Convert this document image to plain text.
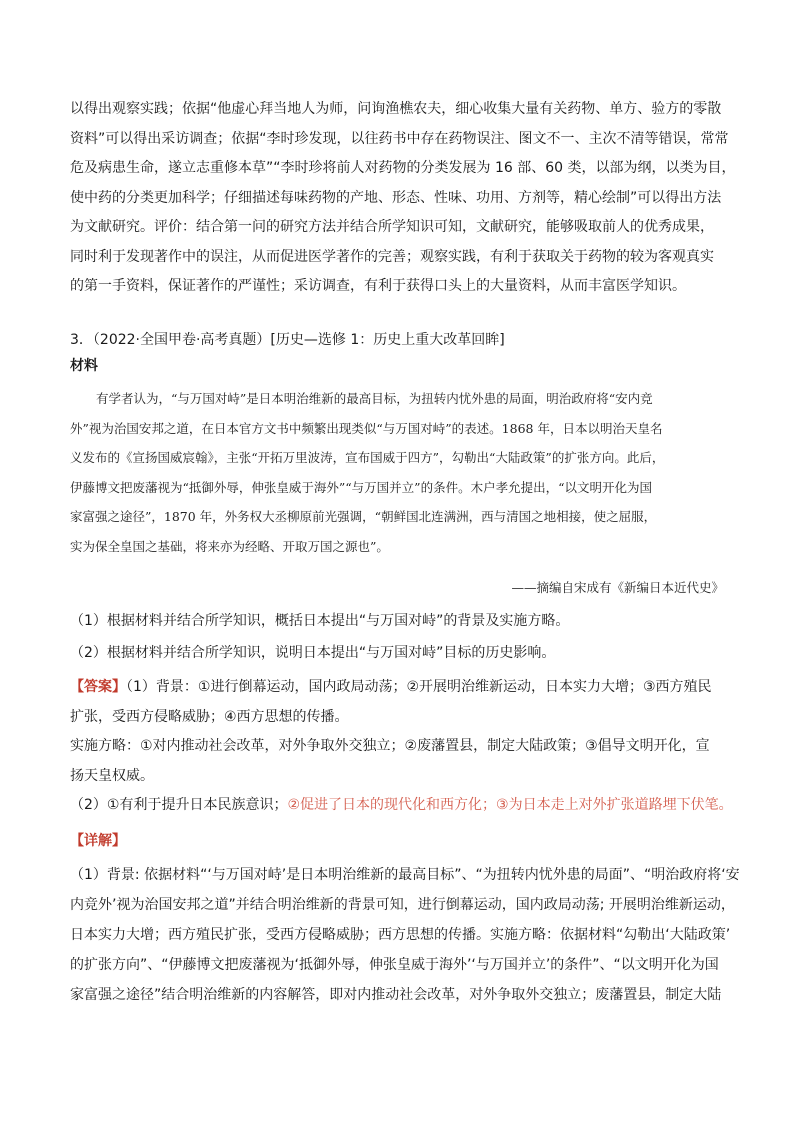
以得出观察实践；依据“他虚心拜当地人为师，问询渔樵农夫，细心收集大量有关药物、单方、验方的零散
资料”可以得出采访调查；依据“李时珍发现，以往药书中存在药物误注、图文不一、主次不清等错误，常常
危及病患生命，遂立志重修本草”“李时珍将前人对药物的分类发展为 16 部、60 类，以部为纲，以类为目，
使中药的分类更加科学；仔细描述每味药物的产地、形态、性味、功用、方剂等，精心绘制”可以得出方法
为文献研究。评价：结合第一问的研究方法并结合所学知识可知，文献研究，能够吸取前人的优秀成果，
同时利于发现著作中的误注，从而促进医学著作的完善；观察实践，有利于获取关于药物的较为客观真实
的第一手资料，保证著作的严谨性；采访调查，有利于获得口头上的大量资料，从而丰富医学知识。
3．（2022·全国甲卷·高考真题）[历史—选修 1：历史上重大改革回眸]
材料
有学者认为，“与万国对峙”是日本明治维新的最高目标，为扭转内忧外患的局面，明治政府将“安内竞
外”视为治国安邦之道，在日本官方文书中频繁出现类似“与万国对峙”的表述。1868 年，日本以明治天皇名
义发布的《宣扬国威宸翰》，主张“开拓万里波涛，宣布国威于四方”，勾勒出“大陆政策”的扩张方向。此后，
伊藤博文把废藩视为“抵御外辱，伸张皇威于海外”“与万国并立”的条件。木户孝允提出，“以文明开化为国
家富强之途径”，1870 年，外务权大丞柳原前光强调，“朝鲜国北连满洲，西与清国之地相接，使之屈服，
实为保全皇国之基础，将来亦为经略、开取万国之源也”。
——摘编自宋成有《新编日本近代史》
（1）根据材料并结合所学知识，概括日本提出“与万国对峙”的背景及实施方略。
（2）根据材料并结合所学知识，说明日本提出“与万国对峙”目标的历史影响。
【答案】（1）背景：①进行倒幕运动，国内政局动荡；②开展明治维新运动，日本实力大增；③西方殖民
扩张，受西方侵略威胁；④西方思想的传播。
实施方略：①对内推动社会改革，对外争取外交独立；②废藩置县，制定大陆政策；③倡导文明开化，宣
扬天皇权威。
（2）①有利于提升日本民族意识；②促进了日本的现代化和西方化；③为日本走上对外扩张道路埋下伏笔。
【详解】
（1）背景: 依据材料“‘与万国对峙’是日本明治维新的最高目标”、“为扭转内忧外患的局面”、“明治政府将‘安
内竞外’视为治国安邦之道”并结合明治维新的背景可知，进行倒幕运动，国内政局动荡; 开展明治维新运动，
日本实力大增；西方殖民扩张，受西方侵略威胁；西方思想的传播。实施方略：依据材料“勾勒出‘大陆政策’
的扩张方向”、“伊藤博文把废藩视为‘抵御外辱，伸张皇威于海外’‘与万国并立’的条件”、“以文明开化为国
家富强之途径”结合明治维新的内容解答，即对内推动社会改革，对外争取外交独立；废藩置县，制定大陆
